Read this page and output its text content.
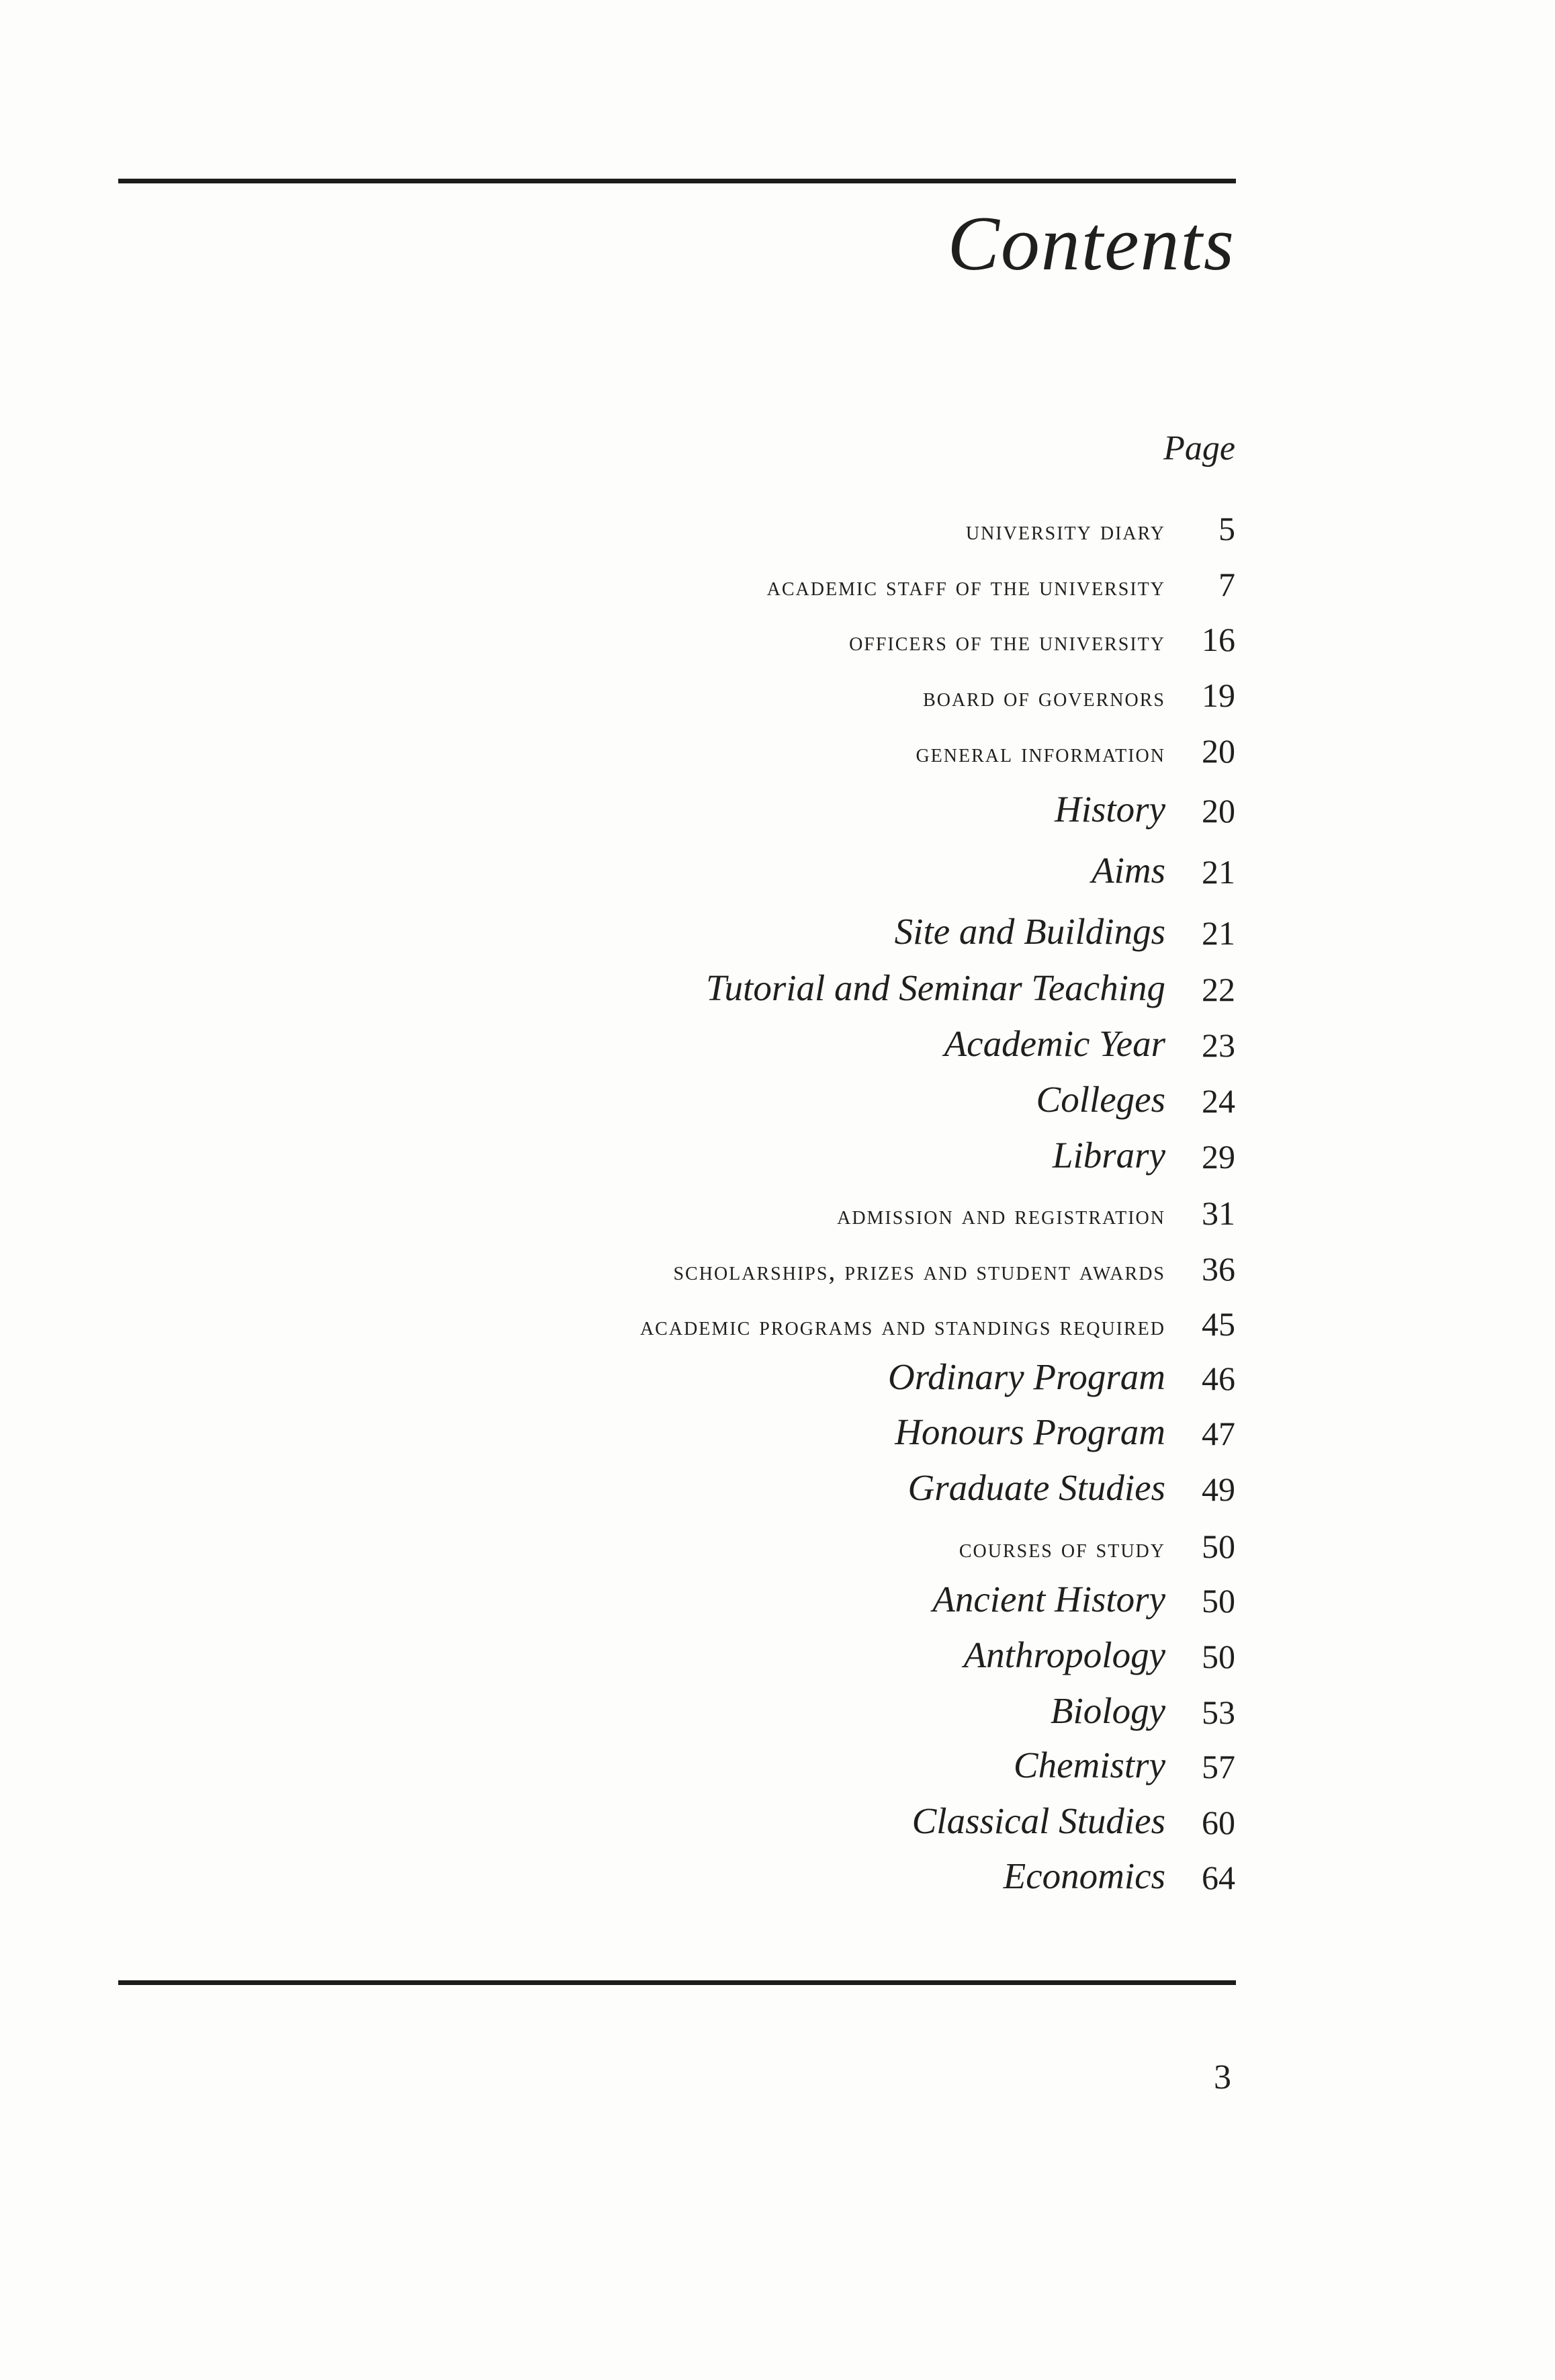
Contents
Page
university diary 5
academic staff of the university 7
officers of the university 16
board of governors 19
general information 20
History 20
Aims 21
Site and Buildings 21
Tutorial and Seminar Teaching 22
Academic Year 23
Colleges 24
Library 29
admission and registration 31
scholarships, prizes and student awards 36
academic programs and standings required 45
Ordinary Program 46
Honours Program 47
Graduate Studies 49
courses of study 50
Ancient History 50
Anthropology 50
Biology 53
Chemistry 57
Classical Studies 60
Economics 64
3
